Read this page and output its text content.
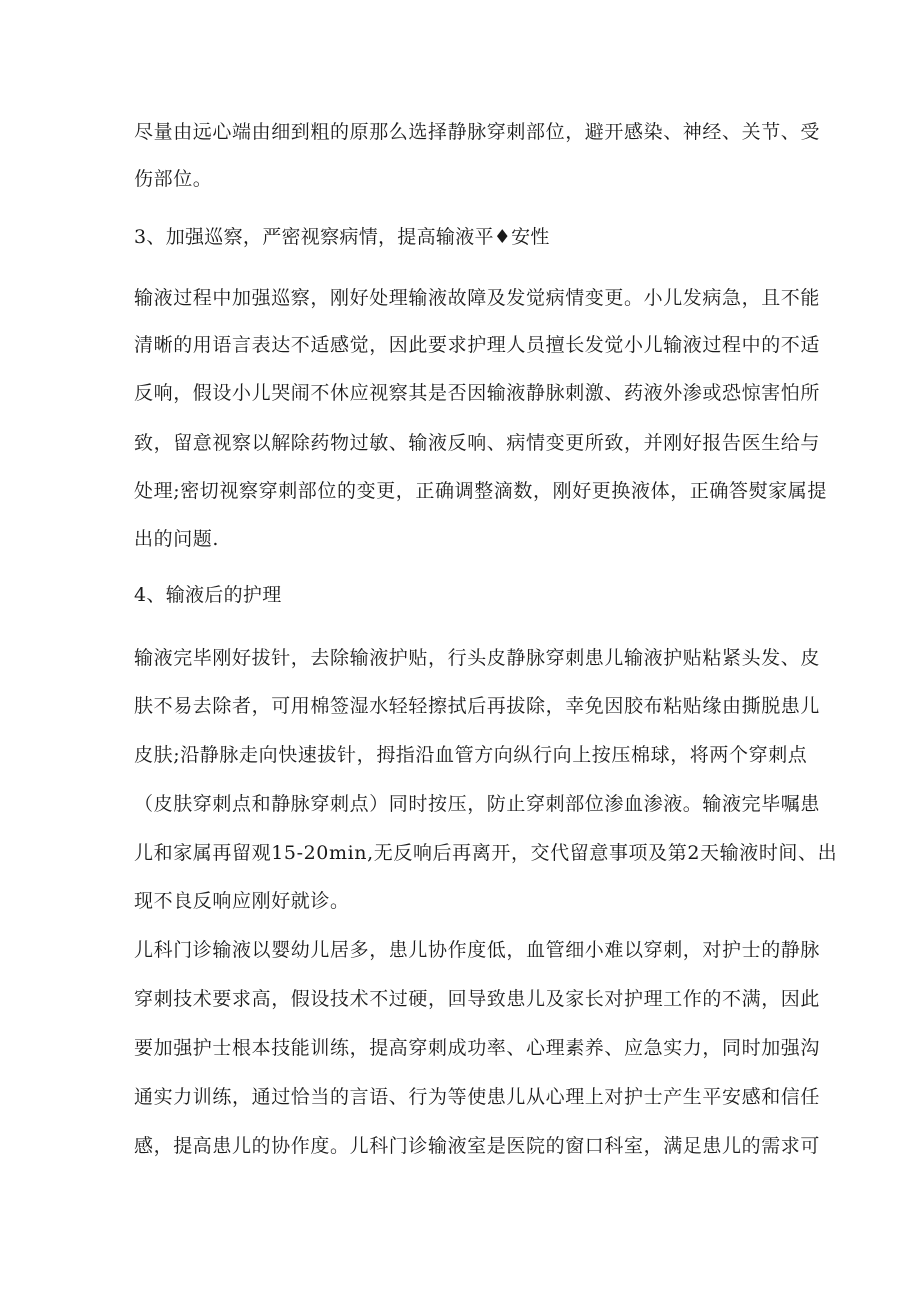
尽量由远心端由细到粗的原那么选择静脉穿刺部位，避开感染、神经、关节、受
伤部位。
3、加强巡察，严密视察病情，提高输液平♦安性
输液过程中加强巡察，刚好处理输液故障及发觉病情变更。小儿发病急，且不能
清晰的用语言表达不适感觉，因此要求护理人员擅长发觉小儿输液过程中的不适
反响，假设小儿哭闹不休应视察其是否因输液静脉刺激、药液外渗或恐惊害怕所
致，留意视察以解除药物过敏、输液反响、病情变更所致，并刚好报告医生给与
处理;密切视察穿刺部位的变更，正确调整滴数，刚好更换液体，正确答熨家属提
出的问题.
4、输液后的护理
输液完毕刚好拔针，去除输液护贴，行头皮静脉穿刺患儿输液护贴粘紧头发、皮
肤不易去除者，可用棉签湿水轻轻擦拭后再拔除，幸免因胶布粘贴缘由撕脱患儿
皮肤;沿静脉走向快速拔针，拇指沿血管方向纵行向上按压棉球，将两个穿刺点
（皮肤穿刺点和静脉穿刺点）同时按压，防止穿刺部位渗血渗液。输液完毕嘱患
儿和家属再留观15-20min,无反响后再离开，交代留意事项及第2天输液时间、出
现不良反响应刚好就诊。
儿科门诊输液以婴幼儿居多，患儿协作度低，血管细小难以穿刺，对护士的静脉
穿刺技术要求高，假设技术不过硬，回导致患儿及家长对护理工作的不满，因此
要加强护士根本技能训练，提高穿刺成功率、心理素养、应急实力，同时加强沟
通实力训练，通过恰当的言语、行为等使患儿从心理上对护士产生平安感和信任
感，提高患儿的协作度。儿科门诊输液室是医院的窗口科室，满足患儿的需求可
